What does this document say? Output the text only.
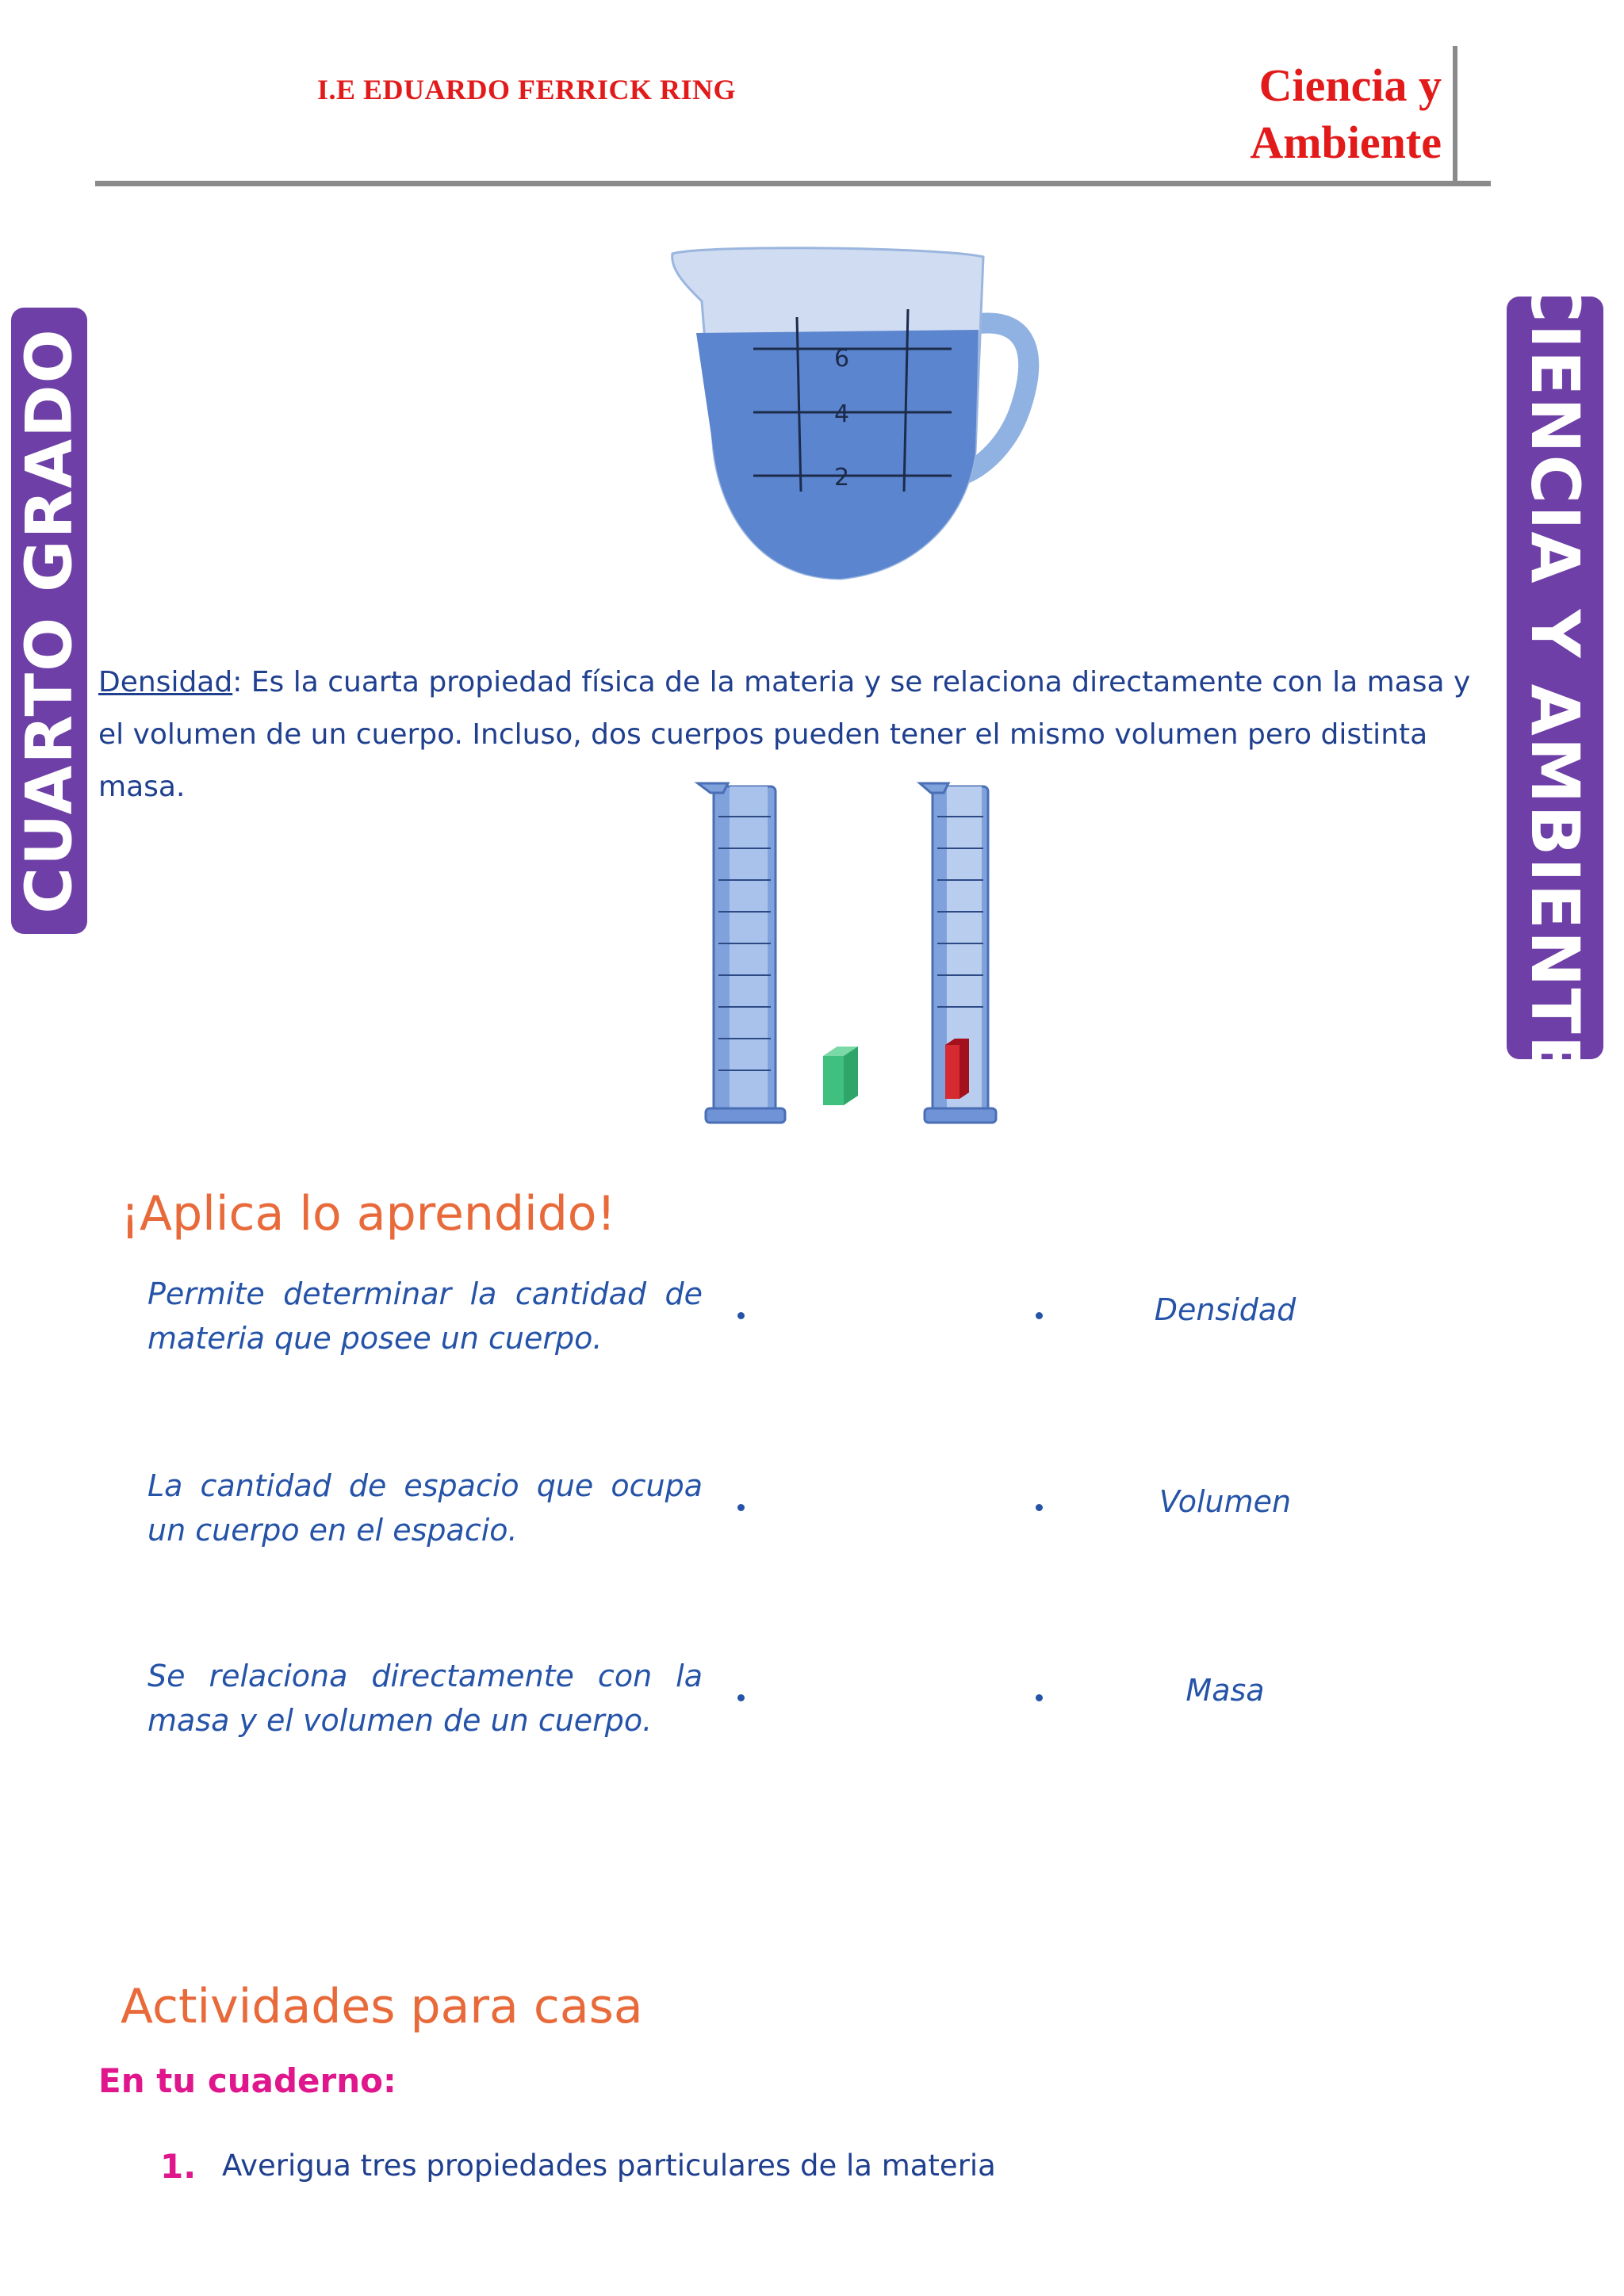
I.E EDUARDO FERRICK RING	Ciencia y
Ambiente
CUARTO GRADO	CIENCIA Y AMBIENTE
6
4
2
Densidad: Es la cuarta propiedad física de la materia y se relaciona directamente con la masa y el volumen de un cuerpo. Incluso, dos cuerpos pueden tener el mismo volumen pero distinta masa.
¡Aplica lo aprendido!
Permite determinar la cantidad de materia que posee un cuerpo.
La cantidad de espacio que ocupa un cuerpo en el espacio.
Se relaciona directamente con la masa y el volumen de un cuerpo.
Densidad
Volumen
Masa
Actividades para casa
En tu cuaderno:
1. Averigua tres propiedades particulares de la materia
